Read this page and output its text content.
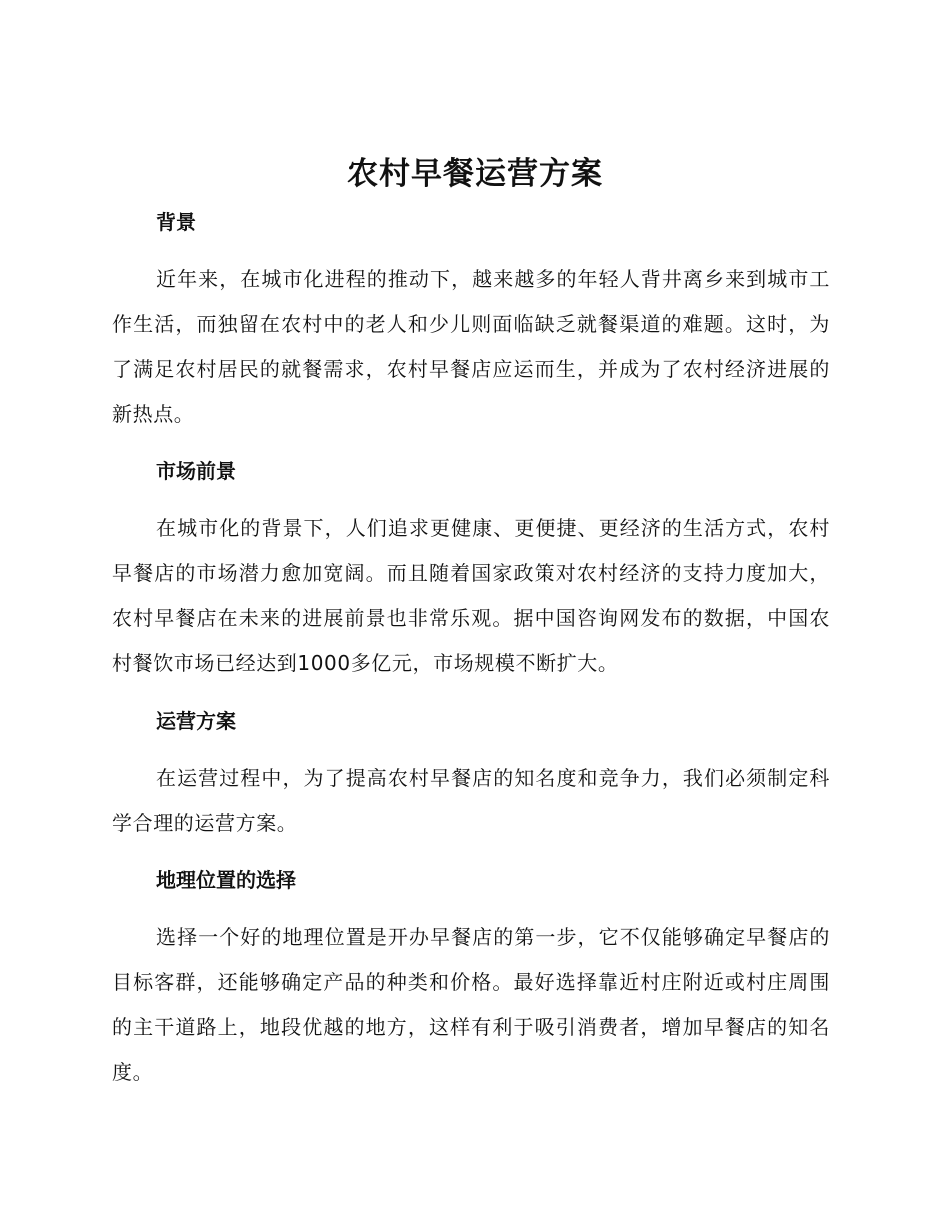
农村早餐运营方案
背景

近年来，在城市化进程的推动下，越来越多的年轻人背井离乡来到城市工作生活，而独留在农村中的老人和少儿则面临缺乏就餐渠道的难题。这时，为了满足农村居民的就餐需求，农村早餐店应运而生，并成为了农村经济进展的新热点。

市场前景

在城市化的背景下，人们追求更健康、更便捷、更经济的生活方式，农村早餐店的市场潜力愈加宽阔。而且随着国家政策对农村经济的支持力度加大，农村早餐店在未来的进展前景也非常乐观。据中国咨询网发布的数据，中国农村餐饮市场已经达到1000多亿元，市场规模不断扩大。

运营方案

在运营过程中，为了提高农村早餐店的知名度和竞争力，我们必须制定科学合理的运营方案。

地理位置的选择

选择一个好的地理位置是开办早餐店的第一步，它不仅能够确定早餐店的目标客群，还能够确定产品的种类和价格。最好选择靠近村庄附近或村庄周围的主干道路上，地段优越的地方，这样有利于吸引消费者，增加早餐店的知名度。
